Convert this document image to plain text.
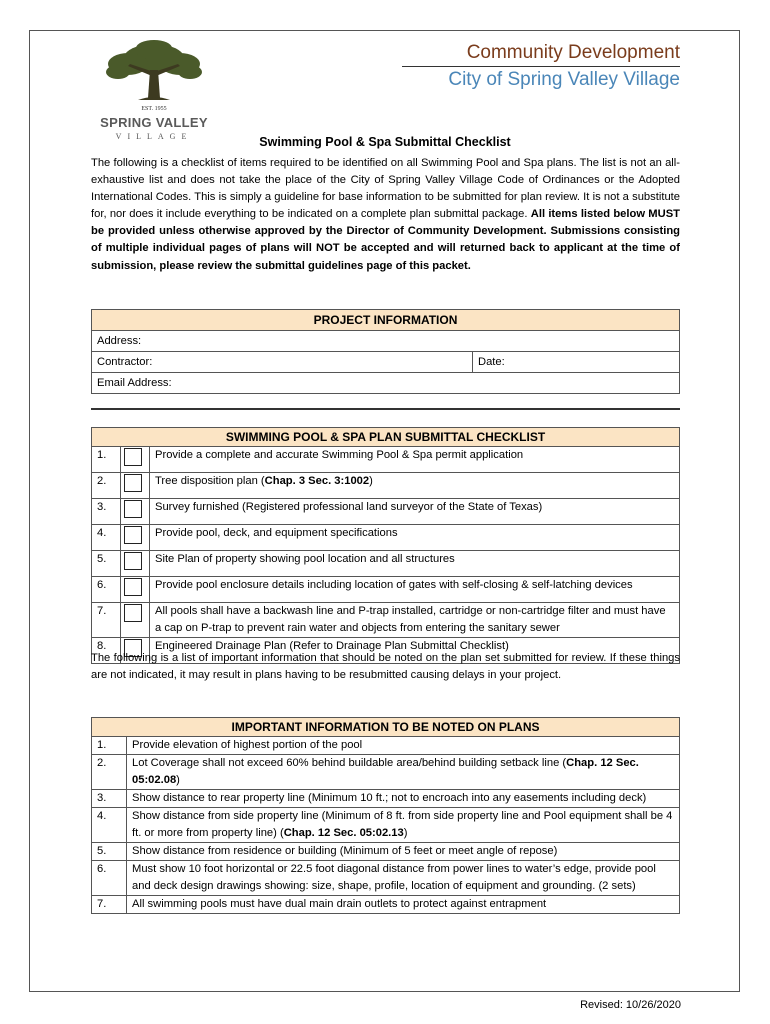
EST. 1955
SPRING VALLEY
VILLAGE
Community Development
City of Spring Valley Village
Swimming Pool & Spa Submittal Checklist
The following is a checklist of items required to be identified on all Swimming Pool and Spa plans. The list is not an all-exhaustive list and does not take the place of the City of Spring Valley Village Code of Ordinances or the Adopted International Codes. This is simply a guideline for base information to be submitted for plan review. It is not a substitute for, nor does it include everything to be indicated on a complete plan submittal package. All items listed below MUST be provided unless otherwise approved by the Director of Community Development. Submissions consisting of multiple individual pages of plans will NOT be accepted and will returned back to applicant at the time of submission, please review the submittal guidelines page of this packet.
PROJECT INFORMATION
Address:
Contractor:	Date:
Email Address:
SWIMMING POOL & SPA PLAN SUBMITTAL CHECKLIST		
1.		Provide a complete and accurate Swimming Pool & Spa permit application
2.		Tree disposition plan (Chap. 3 Sec. 3:1002)
3.		Survey furnished (Registered professional land surveyor of the State of Texas)
4.		Provide pool, deck, and equipment specifications
5.		Site Plan of property showing pool location and all structures
6.		Provide pool enclosure details including location of gates with self-closing & self-latching devices
7.		All pools shall have a backwash line and P-trap installed, cartridge or non-cartridge filter and must have a cap on P-trap to prevent rain water and objects from entering the sanitary sewer
8.		Engineered Drainage Plan (Refer to Drainage Plan Submittal Checklist)
The following is a list of important information that should be noted on the plan set submitted for review. If these things are not indicated, it may result in plans having to be resubmitted causing delays in your project.
IMPORTANT INFORMATION TO BE NOTED ON PLANS	
1.	Provide elevation of highest portion of the pool
2.	Lot Coverage shall not exceed 60% behind buildable area/behind building setback line (Chap. 12 Sec. 05:02.08)
3.	Show distance to rear property line (Minimum 10 ft.; not to encroach into any easements including deck)
4.	Show distance from side property line (Minimum of 8 ft. from side property line and Pool equipment shall be 4 ft. or more from property line) (Chap. 12 Sec. 05:02.13)
5.	Show distance from residence or building (Minimum of 5 feet or meet angle of repose)
6.	Must show 10 foot horizontal or 22.5 foot diagonal distance from power lines to water’s edge, provide pool and deck design drawings showing: size, shape, profile, location of equipment and grounding. (2 sets)
7.	All swimming pools must have dual main drain outlets to protect against entrapment
Revised: 10/26/2020
